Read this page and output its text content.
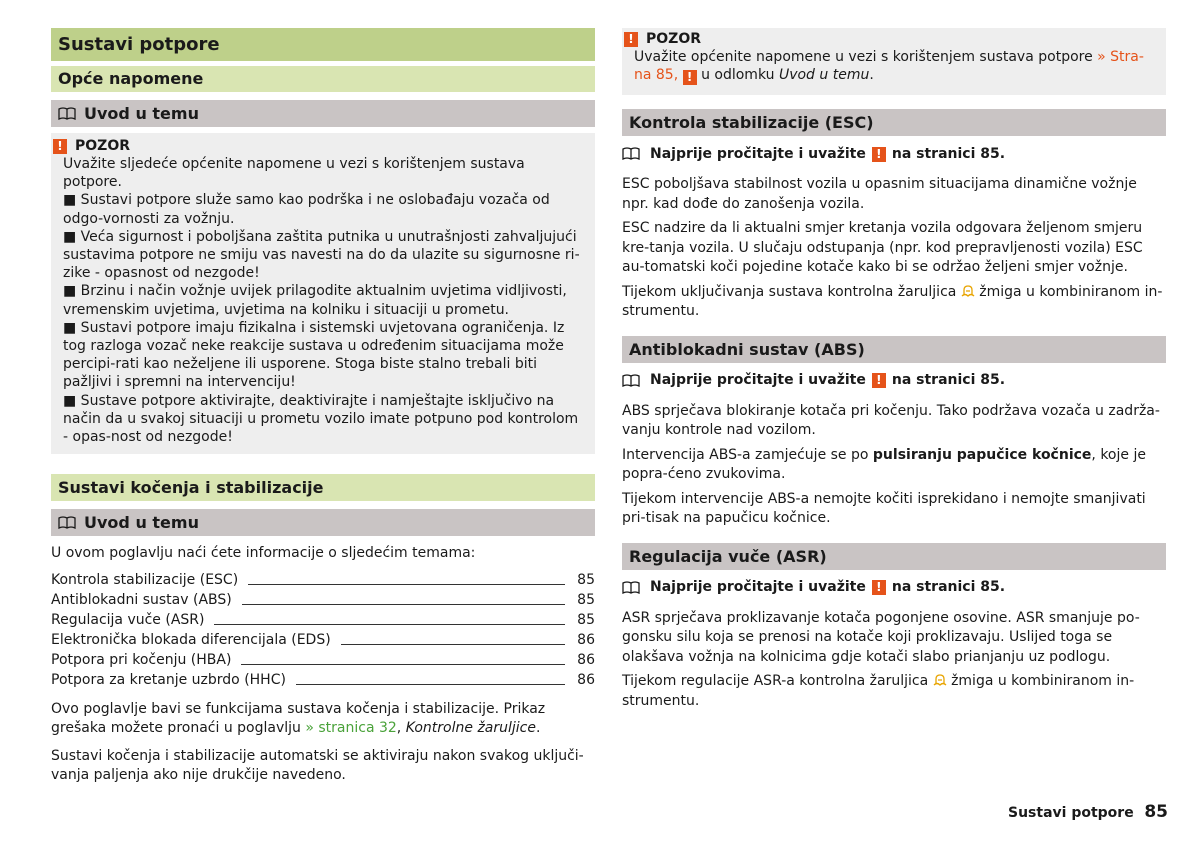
Sustavi potpore
Opće napomene
Uvod u temu
! POZOR

Uvažite sljedeće općenite napomene u vezi s korištenjem sustava potpore.

■ Sustavi potpore služe samo kao podrška i ne oslobađaju vozača od odgo-vornosti za vožnju.

■ Veća sigurnost i poboljšana zaštita putnika u unutrašnjosti zahvaljujući sustavima potpore ne smiju vas navesti na do da ulazite su sigurnosne ri-zike - opasnost od nezgode!

■ Brzinu i način vožnje uvijek prilagodite aktualnim uvjetima vidljivosti, vremenskim uvjetima, uvjetima na kolniku i situaciji u prometu.

■ Sustavi potpore imaju fizikalna i sistemski uvjetovana ograničenja. Iz tog razloga vozač neke reakcije sustava u određenim situacijama može percipi-rati kao neželjene ili usporene. Stoga biste stalno trebali biti pažljivi i spremni na intervenciju!

■ Sustave potpore aktivirajte, deaktivirajte i namještajte isključivo na način da u svakoj situaciji u prometu vozilo imate potpuno pod kontrolom - opas-nost od nezgode!

Sustavi kočenja i stabilizacije
Uvod u temu

U ovom poglavlju naći ćete informacije o sljedećim temama:

Kontrola stabilizacije (ESC)	85
Antiblokadni sustav (ABS)	85
Regulacija vuče (ASR)	85
Elektronička blokada diferencijala (EDS)	86
Potpora pri kočenju (HBA)	86
Potpora za kretanje uzbrdo (HHC)	86

Ovo poglavlje bavi se funkcijama sustava kočenja i stabilizacije. Prikaz grešaka možete pronaći u poglavlju » stranica 32, Kontrolne žaruljice.

Sustavi kočenja i stabilizacije automatski se aktiviraju nakon svakog uključi-vanja paljenja ako nije drukčije navedeno.

! POZOR

Uvažite općenite napomene u vezi s korištenjem sustava potpore » Stra-na 85, ! u odlomku Uvod u temu.

Kontrola stabilizacije (ESC)
Najprije pročitajte i uvažite ! na stranici 85.

ESC poboljšava stabilnost vozila u opasnim situacijama dinamične vožnje npr. kad dođe do zanošenja vozila.

ESC nadzire da li aktualni smjer kretanja vozila odgovara željenom smjeru kre-tanja vozila. U slučaju odstupanja (npr. kod prepravljenosti vozila) ESC au-tomatski koči pojedine kotače kako bi se održao željeni smjer vožnje.

Tijekom uključivanja sustava kontrolna žaruljica žmiga u kombiniranom in-strumentu.

Antiblokadni sustav (ABS)
Najprije pročitajte i uvažite ! na stranici 85.

ABS sprječava blokiranje kotača pri kočenju. Tako podržava vozača u zadrža-vanju kontrole nad vozilom.

Intervencija ABS-a zamjećuje se po pulsiranju papučice kočnice, koje je popra-ćeno zvukovima.

Tijekom intervencije ABS-a nemojte kočiti isprekidano i nemojte smanjivati pri-tisak na papučicu kočnice.

Regulacija vuče (ASR)
Najprije pročitajte i uvažite ! na stranici 85.

ASR sprječava proklizavanje kotača pogonjene osovine. ASR smanjuje po-gonsku silu koja se prenosi na kotače koji proklizavaju. Uslijed toga se olakšava vožnja na kolnicima gdje kotači slabo prianjanju uz podlogu.

Tijekom regulacije ASR-a kontrolna žaruljica žmiga u kombiniranom in-strumentu.

Sustavi potpore 85
